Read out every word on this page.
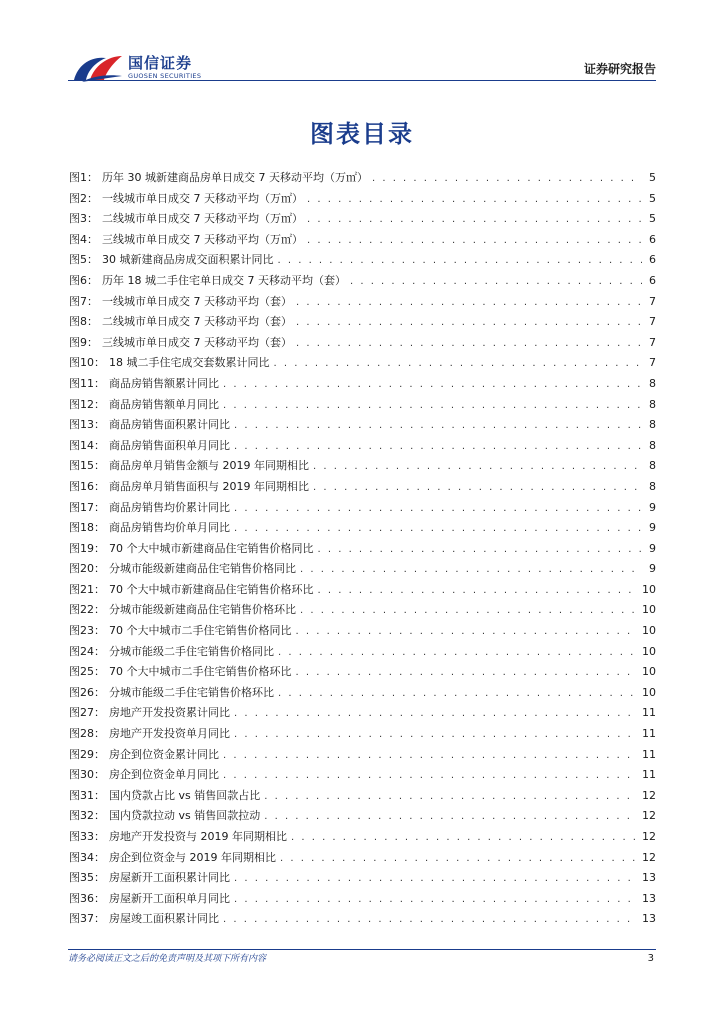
国信证券
GUOSEN SECURITIES	证券研究报告
图表目录
图1： 历年 30 城新建商品房单日成交 7 天移动平均（万㎡） . . .	5
图2： 一线城市单日成交 7 天移动平均（万㎡） . . .	5
图3： 二线城市单日成交 7 天移动平均（万㎡） . . .	5
图4： 三线城市单日成交 7 天移动平均（万㎡） . . .	6
图5： 30 城新建商品房成交面积累计同比 . . .	6
图6： 历年 18 城二手住宅单日成交 7 天移动平均（套） . . .	6
图7： 一线城市单日成交 7 天移动平均（套） . . .	7
图8： 二线城市单日成交 7 天移动平均（套） . . .	7
图9： 三线城市单日成交 7 天移动平均（套） . . .	7
图10： 18 城二手住宅成交套数累计同比 . . .	7
图11： 商品房销售额累计同比 . . .	8
图12： 商品房销售额单月同比 . . .	8
图13： 商品房销售面积累计同比 . . .	8
图14： 商品房销售面积单月同比 . . .	8
图15： 商品房单月销售金额与 2019 年同期相比 . . .	8
图16： 商品房单月销售面积与 2019 年同期相比 . . .	8
图17： 商品房销售均价累计同比 . . .	9
图18： 商品房销售均价单月同比 . . .	9
图19： 70 个大中城市新建商品住宅销售价格同比 . . .	9
图20： 分城市能级新建商品住宅销售价格同比 . . .	9
图21： 70 个大中城市新建商品住宅销售价格环比 . . .	10
图22： 分城市能级新建商品住宅销售价格环比 . . .	10
图23： 70 个大中城市二手住宅销售价格同比 . . .	10
图24： 分城市能级二手住宅销售价格同比 . . .	10
图25： 70 个大中城市二手住宅销售价格环比 . . .	10
图26： 分城市能级二手住宅销售价格环比 . . .	10
图27： 房地产开发投资累计同比 . . .	11
图28： 房地产开发投资单月同比 . . .	11
图29： 房企到位资金累计同比 . . .	11
图30： 房企到位资金单月同比 . . .	11
图31： 国内贷款占比 vs 销售回款占比 . . .	12
图32： 国内贷款拉动 vs 销售回款拉动 . . .	12
图33： 房地产开发投资与 2019 年同期相比 . . .	12
图34： 房企到位资金与 2019 年同期相比 . . .	12
图35： 房屋新开工面积累计同比 . . .	13
图36： 房屋新开工面积单月同比 . . .	13
图37： 房屋竣工面积累计同比 . . .	13
请务必阅读正文之后的免责声明及其项下所有内容	3
